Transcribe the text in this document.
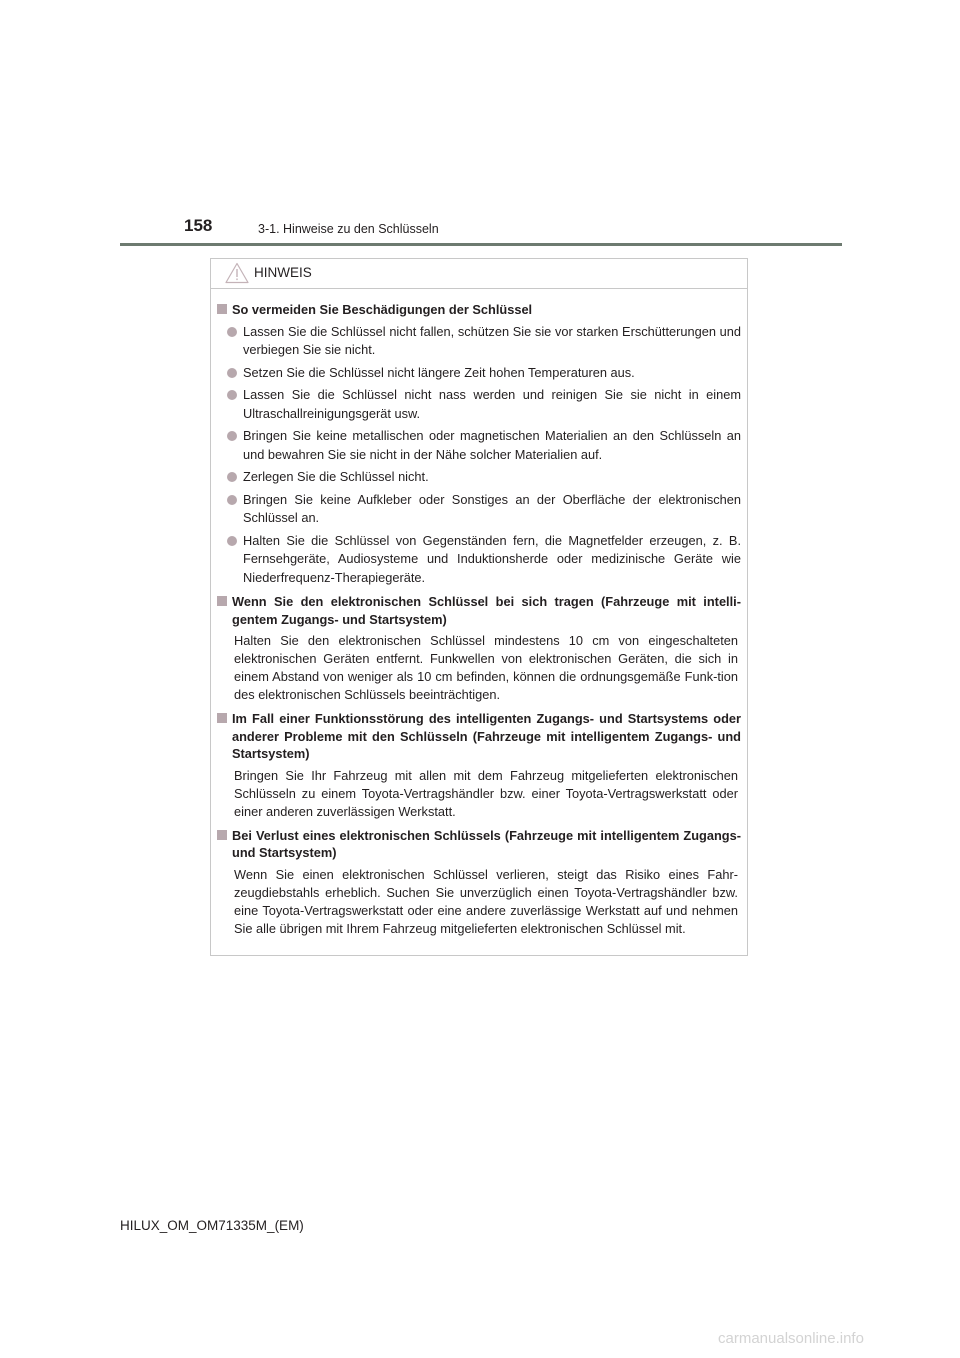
158	3-1. Hinweise zu den Schlüsseln
HINWEIS
So vermeiden Sie Beschädigungen der Schlüssel
Lassen Sie die Schlüssel nicht fallen, schützen Sie sie vor starken Erschütterungen und verbiegen Sie sie nicht.
Setzen Sie die Schlüssel nicht längere Zeit hohen Temperaturen aus.
Lassen Sie die Schlüssel nicht nass werden und reinigen Sie sie nicht in einem Ultraschallreinigungsgerät usw.
Bringen Sie keine metallischen oder magnetischen Materialien an den Schlüsseln an und bewahren Sie sie nicht in der Nähe solcher Materialien auf.
Zerlegen Sie die Schlüssel nicht.
Bringen Sie keine Aufkleber oder Sonstiges an der Oberfläche der elektronischen Schlüssel an.
Halten Sie die Schlüssel von Gegenständen fern, die Magnetfelder erzeugen, z. B. Fernsehgeräte, Audiosysteme und Induktionsherde oder medizinische Geräte wie Niederfrequenz-Therapiegeräte.
Wenn Sie den elektronischen Schlüssel bei sich tragen (Fahrzeuge mit intelli-gentem Zugangs- und Startsystem)
Halten Sie den elektronischen Schlüssel mindestens 10 cm von eingeschalteten elektronischen Geräten entfernt. Funkwellen von elektronischen Geräten, die sich in einem Abstand von weniger als 10 cm befinden, können die ordnungsgemäße Funk-tion des elektronischen Schlüssels beeinträchtigen.
Im Fall einer Funktionsstörung des intelligenten Zugangs- und Startsystems oder anderer Probleme mit den Schlüsseln (Fahrzeuge mit intelligentem Zugangs- und Startsystem)
Bringen Sie Ihr Fahrzeug mit allen mit dem Fahrzeug mitgelieferten elektronischen Schlüsseln zu einem Toyota-Vertragshändler bzw. einer Toyota-Vertragswerkstatt oder einer anderen zuverlässigen Werkstatt.
Bei Verlust eines elektronischen Schlüssels (Fahrzeuge mit intelligentem Zugangs- und Startsystem)
Wenn Sie einen elektronischen Schlüssel verlieren, steigt das Risiko eines Fahr-zeugdiebstahls erheblich. Suchen Sie unverzüglich einen Toyota-Vertragshändler bzw. eine Toyota-Vertragswerkstatt oder eine andere zuverlässige Werkstatt auf und nehmen Sie alle übrigen mit Ihrem Fahrzeug mitgelieferten elektronischen Schlüssel mit.
HILUX_OM_OM71335M_(EM)
carmanualsonline.info
